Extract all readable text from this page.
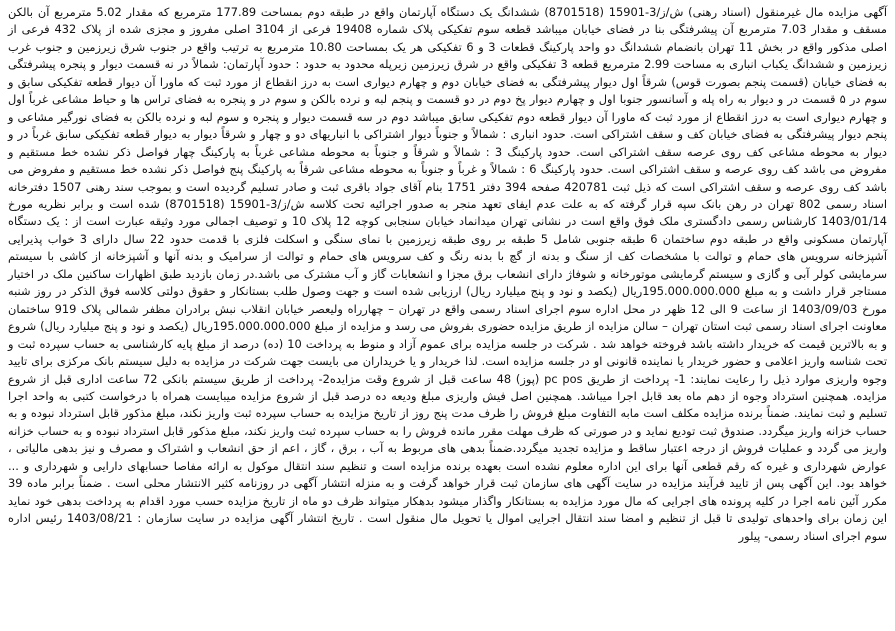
آگهی مزایده مال غیرمنقول (اسناد رهنی) ش/ز/3-15901 (8701518) ششدانگ یک دستگاه آپارتمان واقع در طبقه دوم بمساحت 177.89 مترمربع که مقدار 5.02 مترمربع آن بالکن مسقف و مقدار 7.03 مترمربع آن پیشرفتگی بنا در فضای خیابان میباشد قطعه سوم تفکیکی پلاک شماره 19408 فرعی از 3104 اصلی مفروز و مجزی شده از پلاک 432 فرعی از اصلی مذکور واقع در بخش 11 تهران بانضمام ششدانگ دو واحد پارکینگ قطعات 3 و 6 تفکیکی هر یک بمساحت 10.80 مترمربع به ترتیب واقع در جنوب شرق زیرزمین و جنوب غرب زیرزمین و ششدانگ یکباب انباری به مساحت 2.99 مترمربع قطعه 3 تفکیکی واقع در شرق زیرزمین زیرپله محدود به حدود : حدود آپارتمان: شمالاً در نه قسمت دیوار و پنجره پیشرفتگی به فضای خیابان (قسمت پنجم بصورت قوس) شرقاً اول دیوار پیشرفتگی به فضای خیابان دوم و چهارم دیواری است به درز انقطاع از مورد ثبت که ماورا آن دیوار قطعه تفکیکی سابق و سوم در ۵ قسمت در و دیوار به راه پله و آسانسور جنوبا اول و چهارم دیوار پخ دوم در دو قسمت و پنجم لبه و نرده بالکن و سوم در و پنجره به فضای تراس ها و حیاط مشاعی غرباً اول و چهارم دیواری است به درز انقطاع از مورد ثبت که ماورا آن دیوار قطعه دوم تفکیکی سابق میباشد دوم در سه قسمت دیوار و پنجره و سوم لبه و نرده بالکن به فضای نورگیر مشاعی و پنجم دیوار پیشرفتگی به فضای خیابان کف و سقف اشتراکی است. حدود انباری : شمالاً و جنوباً دیوار اشتراکی با انباریهای دو و چهار و شرقاً دیوار به دیوار قطعه تفکیکی سابق غرباً در و دیوار به محوطه مشاعی کف روی عرصه سقف اشتراکی است. حدود پارکینگ 3 : شمالاً و شرقاً و جنوباً به محوطه مشاعی غرباً به پارکینگ چهار فواصل ذکر نشده خط مستقیم و مفروض می باشد کف روی عرصه و سقف اشتراکی است. حدود پارکینگ 6 : شمالاً و غرباً و جنوباً به محوطه مشاعی شرقاً به پارکینگ پنج فواصل ذکر نشده خط مستقیم و مفروض می باشد کف روی عرصه و سقف اشتراکی است که ذیل ثبت 420781 صفحه 394 دفتر 1751 بنام آقای جواد باقری ثبت و صادر تسلیم گردیده است و بموجب سند رهنی 1507 دفترخانه اسناد رسمی 802 تهران در رهن بانک سپه قرار گرفته که به علت عدم ایفای تعهد منجر به صدور اجرائیه تحت کلاسه ش/ز/3-15901 (8701518) شده است و برابر نظریه مورخ 1403/01/14 کارشناس رسمی دادگستری ملک فوق واقع است در نشانی تهران میدانماد خیابان سنجابی کوچه 12 پلاک 10 و توصیف اجمالی مورد وثیقه عبارت است از : یک دستگاه آپارتمان مسکونی واقع در طبقه دوم ساختمان 6 طبقه جنوبی شامل 5 طبقه بر روی طبقه زیرزمین با نمای سنگی و اسکلت فلزی با قدمت حدود 22 سال دارای 3 خواب پذیرایی آشپزخانه سرویس های حمام و توالت با مشخصات کف از سنگ و بدنه از گچ با بدنه رنگ و کف سرویس های حمام و توالت از سرامیک و بدنه آنها و آشپزخانه از کاشی با سیستم سرمایشی کولر آبی و گازی و سیستم گرمایشی موتورخانه و شوفاژ دارای انشعاب برق مجزا و انشعابات گاز و آب مشترک می باشد.در زمان بازدید طبق اظهارات ساکنین ملک در اختیار مستاجر قرار داشت و به مبلغ 195.000.000.000ریال (یکصد و نود و پنج میلیارد ریال) ارزیابی شده است و جهت وصول طلب بستانکار و حقوق دولتی کلاسه فوق الذکر در روز شنبه مورخ 1403/09/03 از ساعت 9 الی 12 ظهر در محل اداره سوم اجرای اسناد رسمی واقع در تهران – چهارراه ولیعصر خیابان انقلاب نبش برادران مظفر شمالی پلاک 919 ساختمان معاونت اجرای اسناد رسمی ثبت استان تهران – سالن مزایده از طریق مزایده حضوری بفروش می رسد و مزایده از مبلغ 195.000.000.000ریال (یکصد و نود و پنج میلیارد ریال) شروع و به بالاترین قیمت که خریدار داشته باشد فروخته خواهد شد . شرکت در جلسه مزایده برای عموم آزاد و منوط به پرداخت 10 (ده) درصد از مبلغ پایه کارشناسی به حساب سپرده ثبت و تحت شناسه واریز اعلامی و حضور خریدار یا نماینده قانونی او در جلسه مزایده است. لذا خریدار و یا خریداران می بایست جهت شرکت در مزایده به دلیل سیستم بانک مرکزی برای تایید وجوه واریزی موارد ذیل را رعایت نمایند: 1- پرداخت از طریق pc pos (پوز) 48 ساعت قبل از شروع وقت مزایده2- پرداخت از طریق سیستم بانکی 72 ساعت اداری قبل از شروع مزایده. همچنین استرداد وجوه از دهم ماه بعد قابل اجرا میباشد. همچنین اصل فیش واریزی مبلغ ودیعه ده درصد قبل از شروع مزایده میبایست همراه با درخواست کتبی به واحد اجرا تسلیم و ثبت نمایند. ضمناً برنده مزایده مکلف است مابه التفاوت مبلغ فروش را ظرف مدت پنج روز از تاریخ مزایده به حساب سپرده ثبت واریز نکند، مبلغ مذکور قابل استرداد نبوده و به حساب خزانه واریز میگردد. صندوق ثبت تودیع نماید و در صورتی که ظرف مهلت مقرر مانده فروش را به حساب سپرده ثبت واریز نکند، مبلغ مذکور قابل استرداد نبوده و به حساب خزانه واریز می گردد و عملیات فروش از درجه اعتبار ساقط و مزایده تجدید میگردد.ضمناً بدهی های مربوط به آب ، برق ، گاز ، اعم از حق انشعاب و اشتراک و مصرف و نیز بدهی مالیاتی ، عوارض شهرداری و غیره که رقم قطعی آنها برای این اداره معلوم نشده است بعهده برنده مزایده است و تنظیم سند انتقال موکول به ارائه مفاصا حسابهای دارایی و شهرداری و ... خواهد بود. این آگهی پس از تایید فرآیند مزایده در سایت آگهی های سازمان ثبت قرار خواهد گرفت و به منزله انتشار آگهی در روزنامه کثیر الانتشار محلی است . ضمناً برابر ماده 39 مکرر آئین نامه اجرا در کلیه پرونده های اجرایی که مال مورد مزایده به بستانکار واگذار میشود بدهکار میتواند ظرف دو ماه از تاریخ مزایده حسب مورد اقدام به پرداخت بدهی خود نماید این زمان برای واحدهای تولیدی تا قبل از تنظیم و امضا سند انتقال اجرایی اموال یا تحویل مال منقول است . تاریخ انتشار آگهی مزایده در سایت سازمان : 1403/08/21 رئیس اداره سوم اجرای اسناد رسمی- پیلور
